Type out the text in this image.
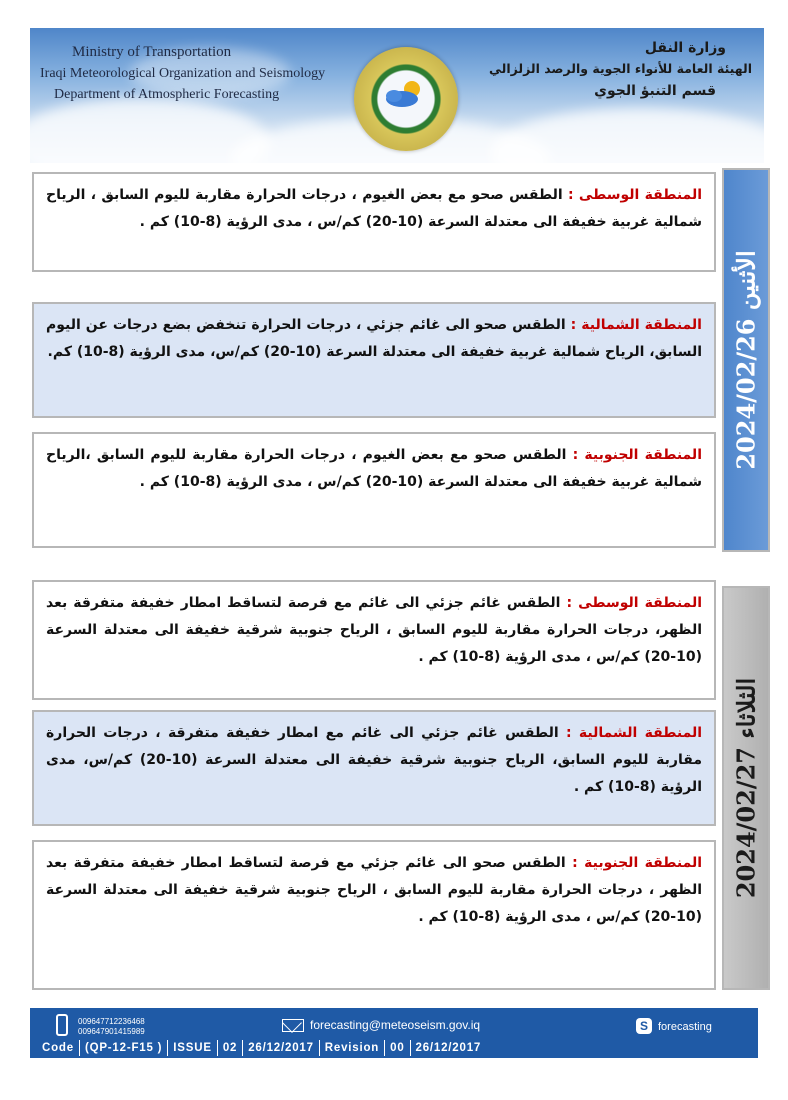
Ministry of Transportation
Iraqi Meteorological Organization and Seismology
Department of Atmospheric Forecasting
وزارة النقل
الهيئة العامة للأنواء الجوية والرصد الزلزالي
قسم التنبؤ الجوي

المنطقة الوسطى : الطقس صحو مع بعض الغيوم ، درجات الحرارة مقاربة لليوم السابق ، الرياح شمالية غربية خفيفة الى معتدلة السرعة (10-20) كم/س ، مدى الرؤية (8-10) كم .

المنطقة الشمالية : الطقس صحو الى غائم جزئي ، درجات الحرارة تنخفض بضع درجات عن اليوم السابق، الرياح شمالية غربية خفيفة الى معتدلة السرعة (10-20) كم/س، مدى الرؤية (8-10) كم.

المنطقة الجنوبية : الطقس صحو مع بعض الغيوم ، درجات الحرارة مقاربة لليوم السابق ،الرياح شمالية غربية خفيفة الى معتدلة السرعة (10-20) كم/س ، مدى الرؤية (8-10) كم .

الأثنين 2024/02/26

المنطقة الوسطى : الطقس غائم جزئي الى غائم مع فرصة لتساقط امطار خفيفة متفرقة بعد الظهر، درجات الحرارة مقاربة لليوم السابق ، الرياح جنوبية شرقية خفيفة الى معتدلة السرعة (10-20) كم/س ، مدى الرؤية (8-10) كم .

المنطقة الشمالية : الطقس غائم جزئي الى غائم مع امطار خفيفة متفرقة ، درجات الحرارة مقاربة لليوم السابق، الرياح جنوبية شرقية خفيفة الى معتدلة السرعة (10-20) كم/س، مدى الرؤية (8-10) كم .

المنطقة الجنوبية : الطقس صحو الى غائم جزئي مع فرصة لتساقط امطار خفيفة متفرقة بعد الظهر ، درجات الحرارة مقاربة لليوم السابق ، الرياح جنوبية شرقية خفيفة الى معتدلة السرعة (10-20) كم/س ، مدى الرؤية (8-10) كم .

الثلاثاء 2024/02/27
009647712236468
009647901415989	forecasting@meteoseism.gov.iq	S forecasting
Code (QP-12-F15 ) ISSUE 02 26/12/2017 Revision 00 26/12/2017
